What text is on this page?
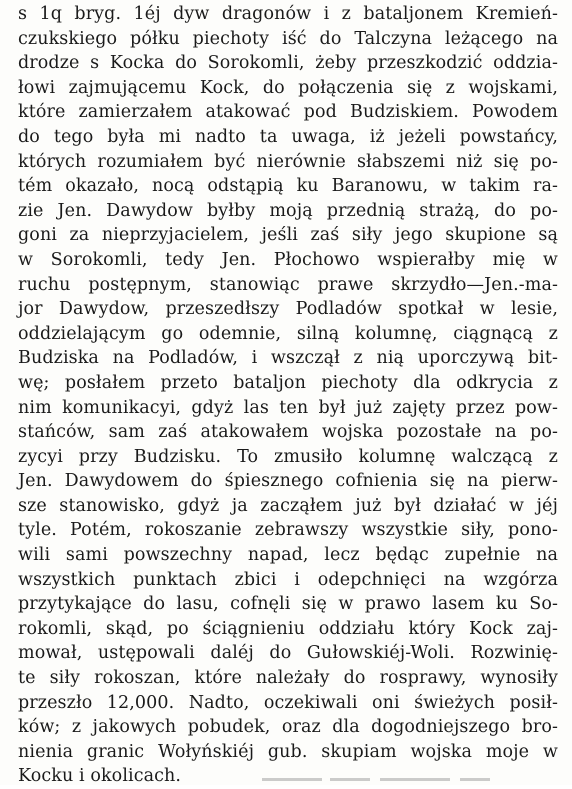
s 1q bryg. 1éj dyw dragonów i z bataljonem Kremień-
czukskiego półku piechoty iść do Talczyna leżącego na
drodze s Kocka do Sorokomli, żeby przeszkodzić oddzia-
łowi zajmującemu Kock, do połączenia się z wojskami,
które zamierzałem atakować pod Budziskiem. Powodem
do tego była mi nadto ta uwaga, iż jeżeli powstańcy,
których rozumiałem być nierównie słabszemi niż się po-
tém okazało, nocą odstąpią ku Baranowu, w takim ra-
zie Jen. Dawydow byłby moją przednią strażą, do po-
goni za nieprzyjacielem, jeśli zaś siły jego skupione są
w Sorokomli, tedy Jen. Płochowo wspierałby mię w
ruchu postępnym, stanowiąc prawe skrzydło—Jen.-ma-
jor Dawydow, przeszedłszy Podladów spotkał w lesie,
oddzielającym go odemnie, silną kolumnę, ciągnącą z
Budziska na Podladów, i wszczął z nią uporczywą bit-
wę; posłałem przeto bataljon piechoty dla odkrycia z
nim komunikacyi, gdyż las ten był już zajęty przez pow-
stańców, sam zaś atakowałem wojska pozostałe na po-
zycyi przy Budzisku. To zmusiło kolumnę walczącą z
Jen. Dawydowem do śpiesznego cofnienia się na pierw-
sze stanowisko, gdyż ja zacząłem już był działać w jéj
tyle. Potém, rokoszanie zebrawszy wszystkie siły, pono-
wili sami powszechny napad, lecz będąc zupełnie na
wszystkich punktach zbici i odepchnięci na wzgórza
przytykające do lasu, cofnęli się w prawo lasem ku So-
rokomli, skąd, po ściągnieniu oddziału który Kock zaj-
mował, ustępowali daléj do Gułowskiéj-Woli. Rozwinię-
te siły rokoszan, które należały do rosprawy, wynosiły
przeszło 12,000. Nadto, oczekiwali oni świeżych posił-
ków; z jakowych pobudek, oraz dla dogodniejszego bro-
nienia granic Wołyńskiéj gub. skupiam wojska moje w
Kocku i okolicach.
